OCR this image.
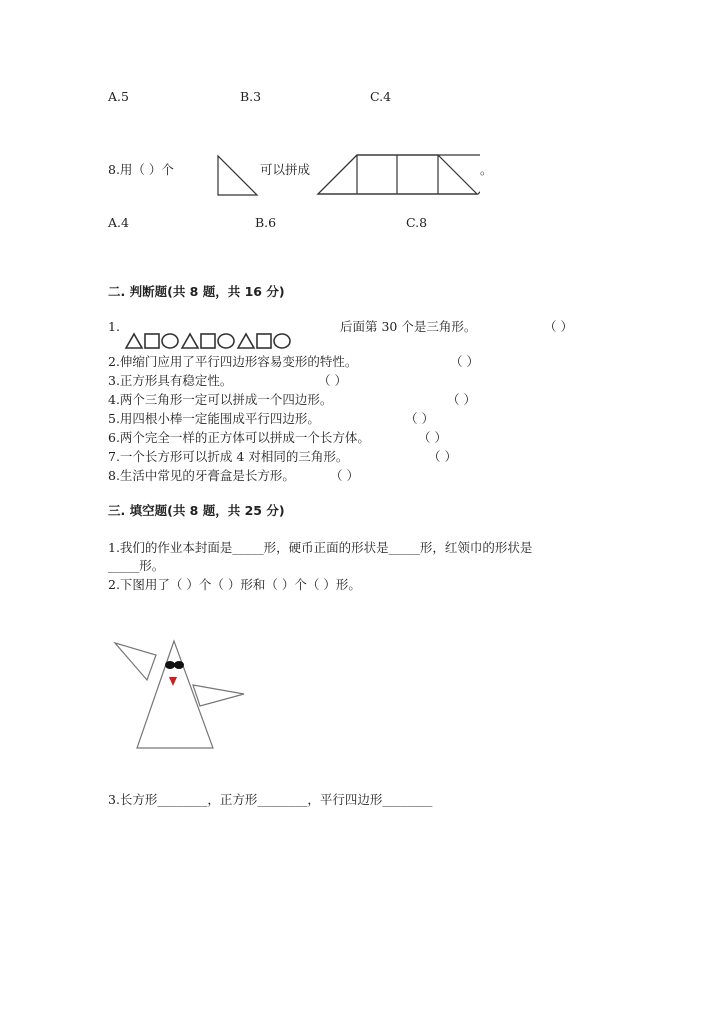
A.5	B.3	C.4
8.用（ ）个	可以拼成	。
A.4	B.6	C.8
二. 判断题(共 8 题，共 16 分)
1.	后面第 30 个是三角形。	（ ）
2.伸缩门应用了平行四边形容易变形的特性。	（ ）
3.正方形具有稳定性。	（ ）
4.两个三角形一定可以拼成一个四边形。	（ ）
5.用四根小棒一定能围成平行四边形。	（ ）
6.两个完全一样的正方体可以拼成一个长方体。	（ ）
7.一个长方形可以折成 4 对相同的三角形。	（ ）
8.生活中常见的牙膏盒是长方形。	（ ）
三. 填空题(共 8 题，共 25 分)
1.我们的作业本封面是_____形，硬币正面的形状是_____形，红领巾的形状是
_____形。
2.下图用了（ ）个（ ）形和（ ）个（ ）形。
3.长方形________，正方形________，平行四边形________
